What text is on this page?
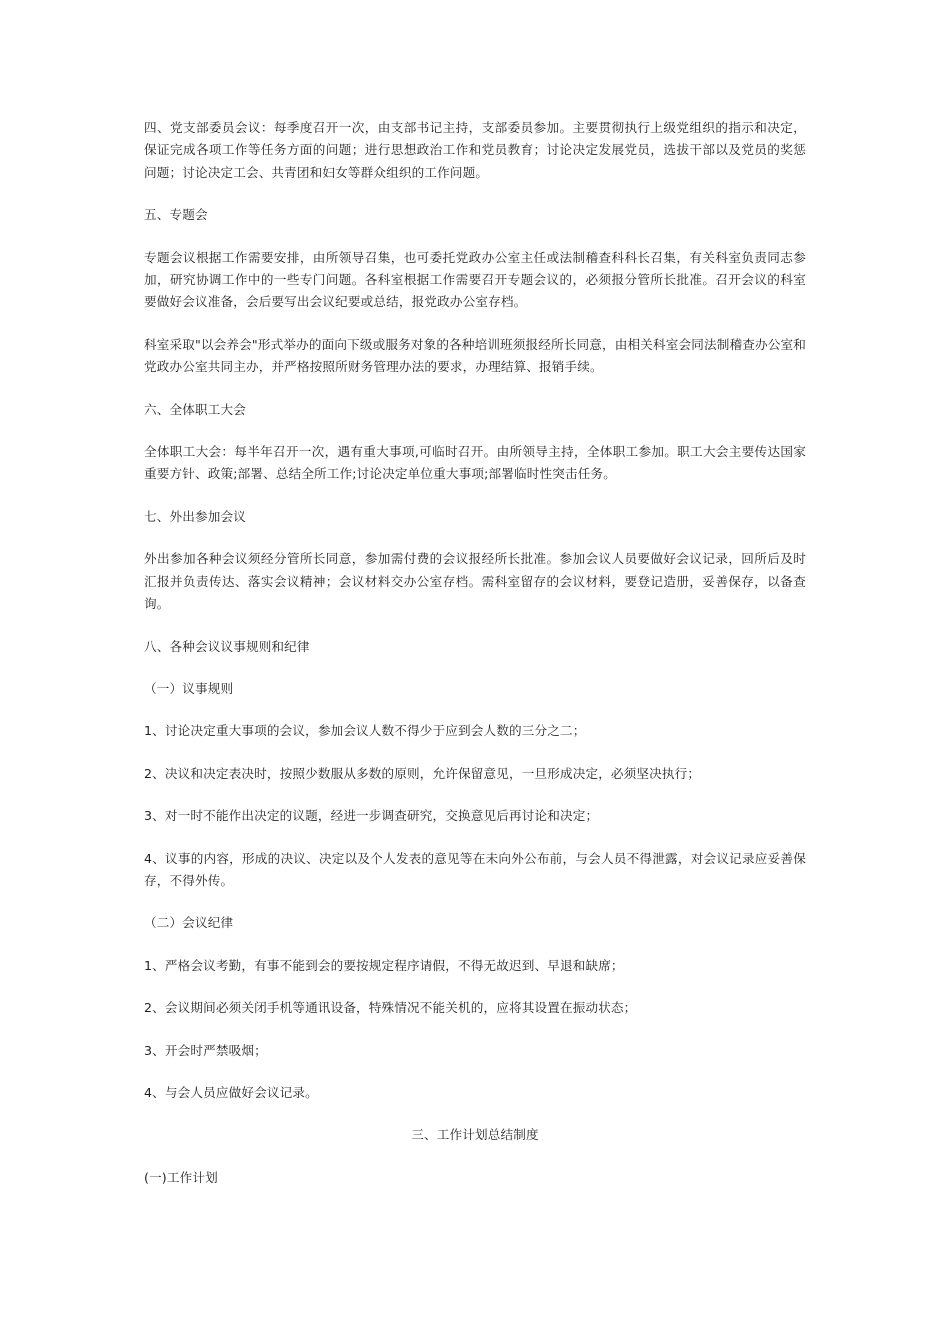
四、党支部委员会议：每季度召开一次，由支部书记主持，支部委员参加。主要贯彻执行上级党组织的指示和决定，保证完成各项工作等任务方面的问题；进行思想政治工作和党员教育；讨论决定发展党员，选拔干部以及党员的奖惩问题；讨论决定工会、共青团和妇女等群众组织的工作问题。

五、专题会

专题会议根据工作需要安排，由所领导召集，也可委托党政办公室主任或法制稽查科科长召集，有关科室负责同志参加，研究协调工作中的一些专门问题。各科室根据工作需要召开专题会议的，必须报分管所长批准。召开会议的科室要做好会议准备，会后要写出会议纪要或总结，报党政办公室存档。

科室采取"以会养会"形式举办的面向下级或服务对象的各种培训班须报经所长同意，由相关科室会同法制稽查办公室和党政办公室共同主办，并严格按照所财务管理办法的要求，办理结算、报销手续。

六、全体职工大会

全体职工大会：每半年召开一次，遇有重大事项,可临时召开。由所领导主持，全体职工参加。职工大会主要传达国家重要方针、政策;部署、总结全所工作;讨论决定单位重大事项;部署临时性突击任务。

七、外出参加会议

外出参加各种会议须经分管所长同意，参加需付费的会议报经所长批准。参加会议人员要做好会议记录，回所后及时汇报并负责传达、落实会议精神；会议材料交办公室存档。需科室留存的会议材料，要登记造册，妥善保存，以备查询。

八、各种会议议事规则和纪律

（一）议事规则

1、讨论决定重大事项的会议，参加会议人数不得少于应到会人数的三分之二；

2、决议和决定表决时，按照少数服从多数的原则，允许保留意见，一旦形成决定，必须坚决执行；

3、对一时不能作出决定的议题，经进一步调查研究，交换意见后再讨论和决定；

4、议事的内容，形成的决议、决定以及个人发表的意见等在未向外公布前，与会人员不得泄露，对会议记录应妥善保存，不得外传。

（二）会议纪律

1、严格会议考勤，有事不能到会的要按规定程序请假，不得无故迟到、早退和缺席；

2、会议期间必须关闭手机等通讯设备，特殊情况不能关机的，应将其设置在振动状态；

3、开会时严禁吸烟；

4、与会人员应做好会议记录。

三、工作计划总结制度

(一)工作计划
